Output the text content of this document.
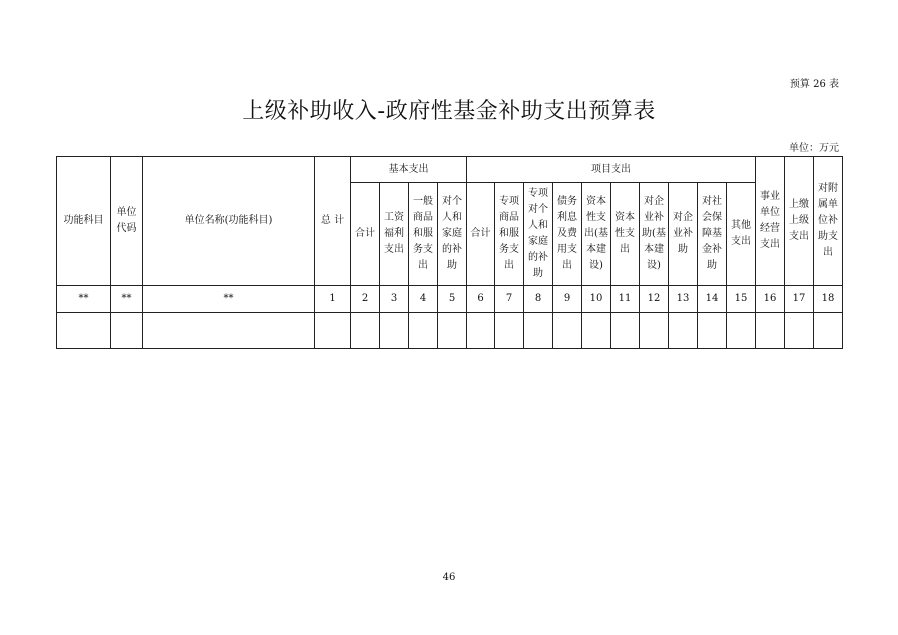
预算 26 表
上级补助收入-政府性基金补助支出预算表
单位：万元
功能科目	单位代码	单位名称(功能科目)	总 计	基本支出				项目支出										事业单位经营支出	上缴上级支出	对附属单位补助支出
				合计	工资福利支出	一般商品和服务支出	对个人和家庭的补助	合计	专项商品和服务支出	专项对个人和家庭的补助	债务利息及费用支出	资本性支出(基本建设)	资本性支出	对企业补助(基本建设)	对企业补助	对社会保障基金补助	其他支出			
**	**	**	1	2	3	4	5	6	7	8	9	10	11	12	13	14	15	16	17	18

46
